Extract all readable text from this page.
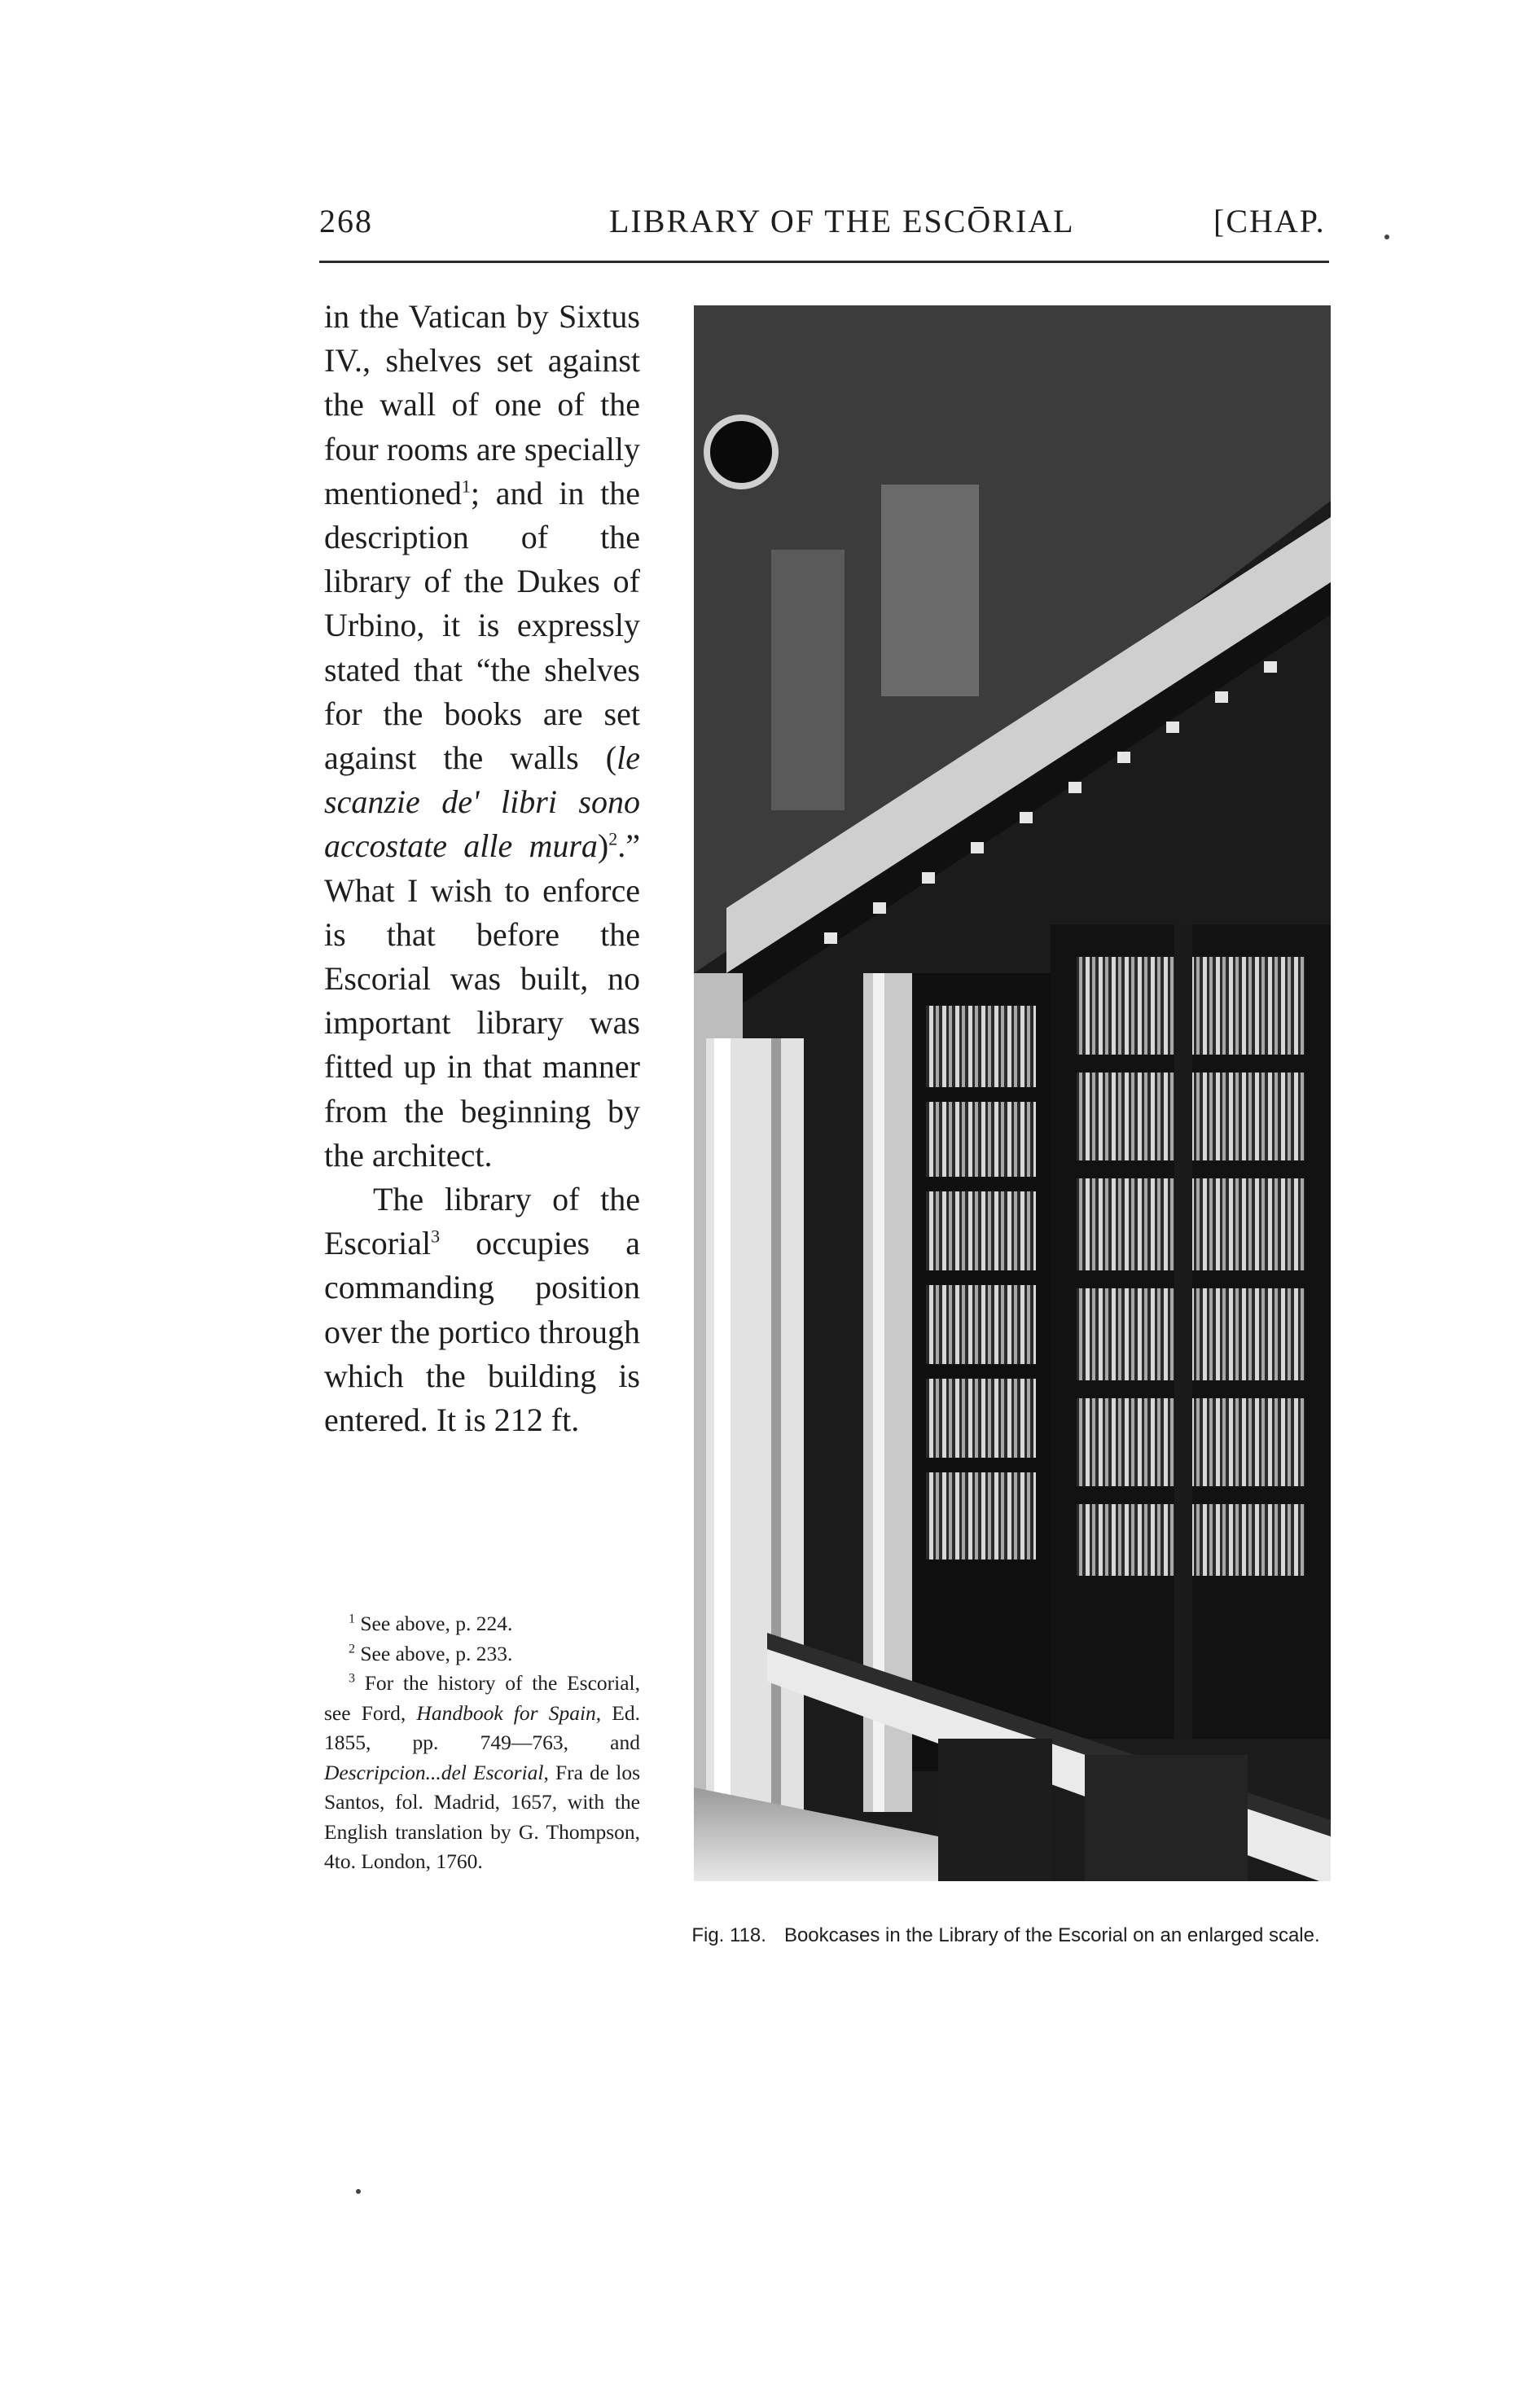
268	LIBRARY OF THE ESCŌRIAL	[CHAP.

in the Vatican by Sixtus IV., shelves set against the wall of one of the four rooms are specially mentioned$^1$; and in the description of the library of the Dukes of Urbino, it is expressly stated that “the shelves for the books are set against the walls (le scanzie de' libri sono accostate alle mura)$^2$.” What I wish to enforce is that before the Escorial was built, no important library was fitted up in that manner from the beginning by the architect.

The library of the Escorial$^3$ occupies a commanding position over the portico through which the building is entered. It is 212 ft.

$^1$ See above, p. 224.

$^2$ See above, p. 233.

$^3$ For the history of the Escorial, see Ford, Handbook for Spain, Ed. 1855, pp. 749—763, and Descripcion...del Escorial, Fra de los Santos, fol. Madrid, 1657, with the English translation by G. Thompson, 4to. London, 1760.

Fig. 118. Bookcases in the Library of the Escorial on an enlarged scale.
